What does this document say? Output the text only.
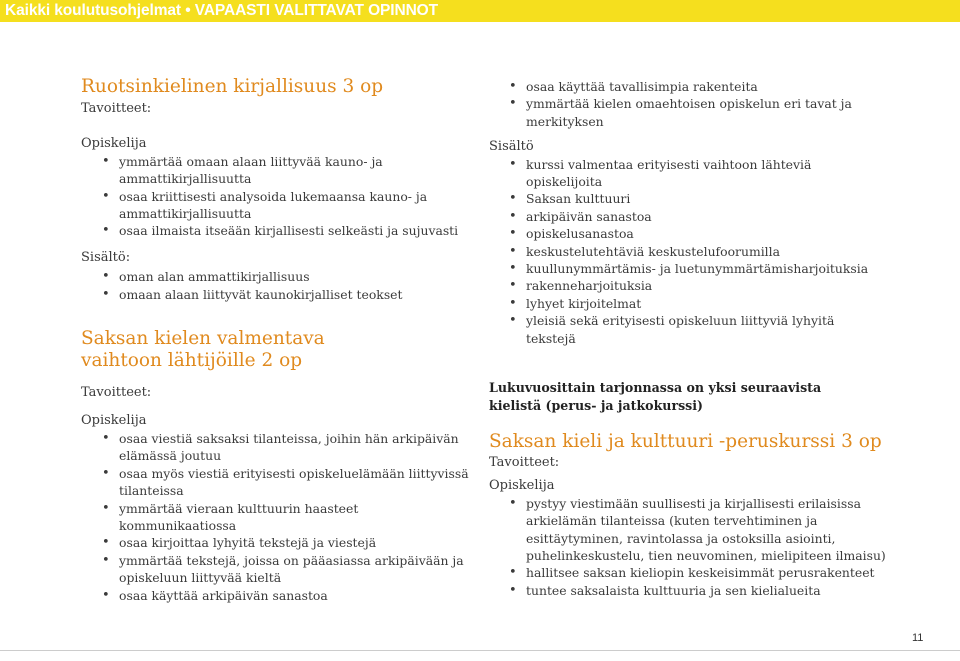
Kaikki koulutusohjelmat • VAPAASTI VALITTAVAT OPINNOT
Ruotsinkielinen kirjallisuus 3 op
Tavoitteet:
Opiskelija
• ymmärtää omaan alaan liittyvää kauno- ja ammattikirjallisuutta
• osaa kriittisesti analysoida lukemaansa kauno- ja ammattikirjallisuutta
• osaa ilmaista itseään kirjallisesti selkeästi ja sujuvasti
Sisältö:
• oman alan ammattikirjallisuus
• omaan alaan liittyvät kaunokirjalliset teokset
Saksan kielen valmentava vaihtoon lähtijöille 2 op
Tavoitteet:
Opiskelija
• osaa viestiä saksaksi tilanteissa, joihin hän arkipäivän elämässä joutuu
• osaa myös viestiä erityisesti opiskeluelämään liittyvissä tilanteissa
• ymmärtää vieraan kulttuurin haasteet kommunikaatiossa
• osaa kirjoittaa lyhyitä tekstejä ja viestejä
• ymmärtää tekstejä, joissa on pääasiassa arkipäivään ja opiskeluun liittyvää kieltä
• osaa käyttää arkipäivän sanastoa
• osaa käyttää tavallisimpia rakenteita
• ymmärtää kielen omaehtoisen opiskelun eri tavat ja merkityksen
Sisältö
• kurssi valmentaa erityisesti vaihtoon lähteviä opiskelijoita
• Saksan kulttuuri
• arkipäivän sanastoa
• opiskelusanastoa
• keskustelutehtäviä keskustelufoorumilla
• kuullunymmärtämis- ja luetunymmärtämisharjoituksia
• rakenneharjoituksia
• lyhyet kirjoitelmat
• yleisiä sekä erityisesti opiskeluun liittyviä lyhyitä tekstejä
Lukuvuosittain tarjonnassa on yksi seuraavista kielistä (perus- ja jatkokurssi)
Saksan kieli ja kulttuuri -peruskurssi 3 op
Tavoitteet:
Opiskelija
• pystyy viestimään suullisesti ja kirjallisesti erilaisissa arkielämän tilanteissa (kuten tervehtiminen ja esittäytyminen, ravintolassa ja ostoksilla asiointi, puhelinkeskustelu, tien neuvominen, mielipiteen ilmaisu)
• hallitsee saksan kieliopin keskeisimmät perusrakenteet
• tuntee saksalaista kulttuuria ja sen kielialueita
11
